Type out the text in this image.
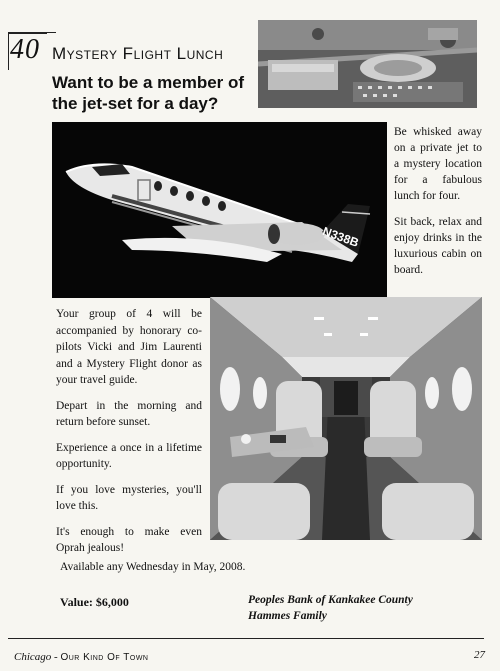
40 Mystery Flight Lunch
Want to be a member of the jet-set for a day?
N338B

Be whisked away on a private jet to a mystery location for a fabulous lunch for four.

Sit back, relax and enjoy drinks in the luxurious cabin on board.

Your group of 4 will be accompanied by honorary co-pilots Vicki and Jim Laurenti and a Mystery Flight donor as your travel guide.

Depart in the morning and return before sunset.

Experience a once in a lifetime opportunity.

If you love mysteries, you'll love this.

It's enough to make even Oprah jealous!

Available any Wednesday in May, 2008.
Value: $6,000	Peoples Bank of Kankakee County
Hammes Family
Chicago - Our Kind Of Town	27
